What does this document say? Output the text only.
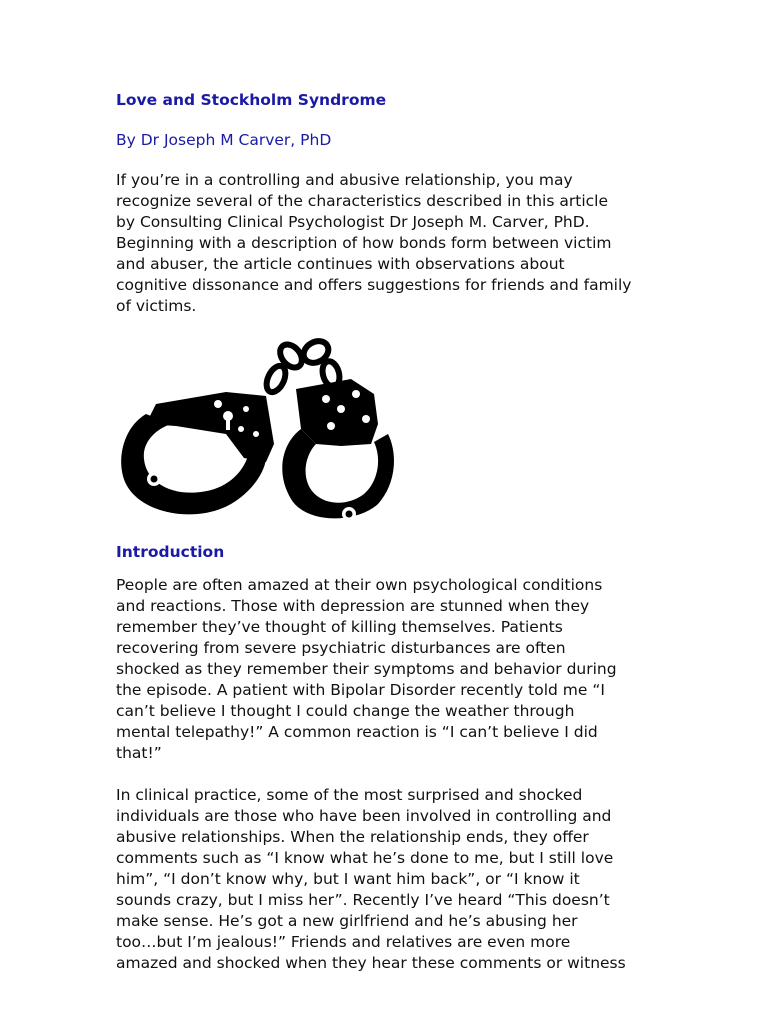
Love and Stockholm Syndrome
By Dr Joseph M Carver, PhD
If you’re in a controlling and abusive relationship, you may
recognize several of the characteristics described in this article
by Consulting Clinical Psychologist Dr Joseph M. Carver, PhD.
Beginning with a description of how bonds form between victim
and abuser, the article continues with observations about
cognitive dissonance and offers suggestions for friends and family
of victims.
Introduction
People are often amazed at their own psychological conditions
and reactions. Those with depression are stunned when they
remember they’ve thought of killing themselves. Patients
recovering from severe psychiatric disturbances are often
shocked as they remember their symptoms and behavior during
the episode. A patient with Bipolar Disorder recently told me “I
can’t believe I thought I could change the weather through
mental telepathy!” A common reaction is “I can’t believe I did
that!”
In clinical practice, some of the most surprised and shocked
individuals are those who have been involved in controlling and
abusive relationships. When the relationship ends, they offer
comments such as “I know what he’s done to me, but I still love
him”, “I don’t know why, but I want him back”, or “I know it
sounds crazy, but I miss her”. Recently I’ve heard “This doesn’t
make sense. He’s got a new girlfriend and he’s abusing her
too…but I’m jealous!” Friends and relatives are even more
amazed and shocked when they hear these comments or witness
